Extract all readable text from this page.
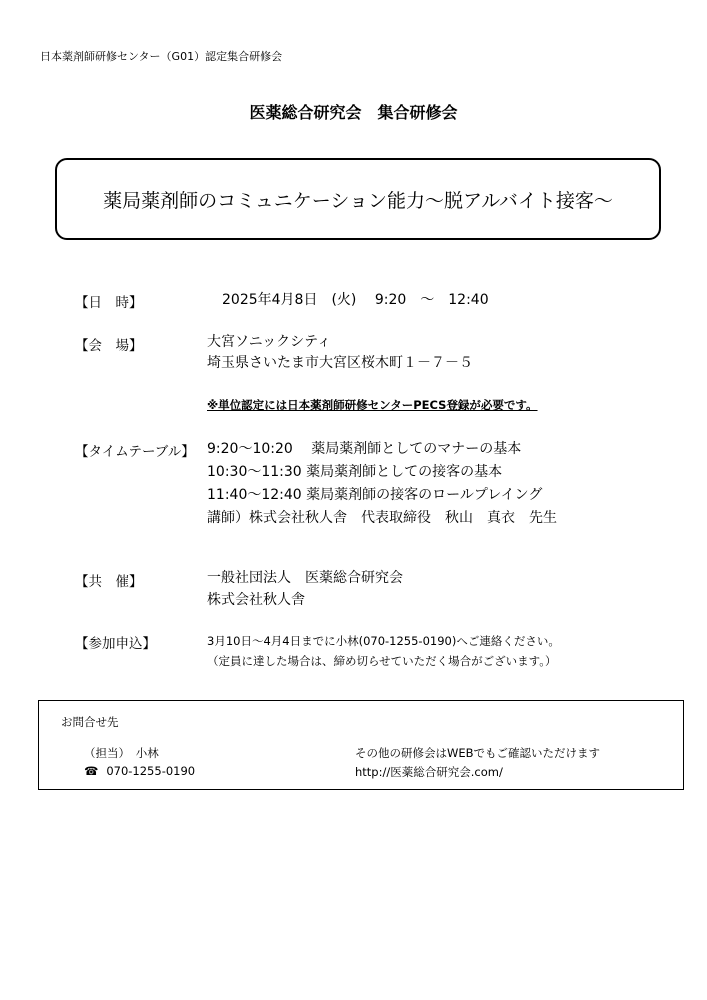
日本薬剤師研修センター（G01）認定集合研修会
医薬総合研究会　集合研修会
薬局薬剤師のコミュニケーション能力～脱アルバイト接客～
【日　時】	2025年4月8日　(火)　 9:20　～　12:40
【会　場】	大宮ソニックシティ
埼玉県さいたま市大宮区桜木町１－７－５
※単位認定には日本薬剤師研修センターPECS登録が必要です。
【タイムテーブル】 9:20～10:20　 薬局薬剤師としてのマナーの基本
10:30～11:30 薬局薬剤師としての接客の基本
11:40～12:40 薬局薬剤師の接客のロールプレイング
講師）株式会社秋人舎　代表取締役　秋山　真衣　先生
【共　催】	一般社団法人　医薬総合研究会
株式会社秋人舎
【参加申込】	3月10日～4月4日までに小林(070-1255-0190)へご連絡ください。
（定員に達した場合は、締め切らせていただく場合がございます。）
お問合せ先
（担当）　小林
☎ 070-1255-0190
その他の研修会はWEBでもご確認いただけます
http://医薬総合研究会.com/
